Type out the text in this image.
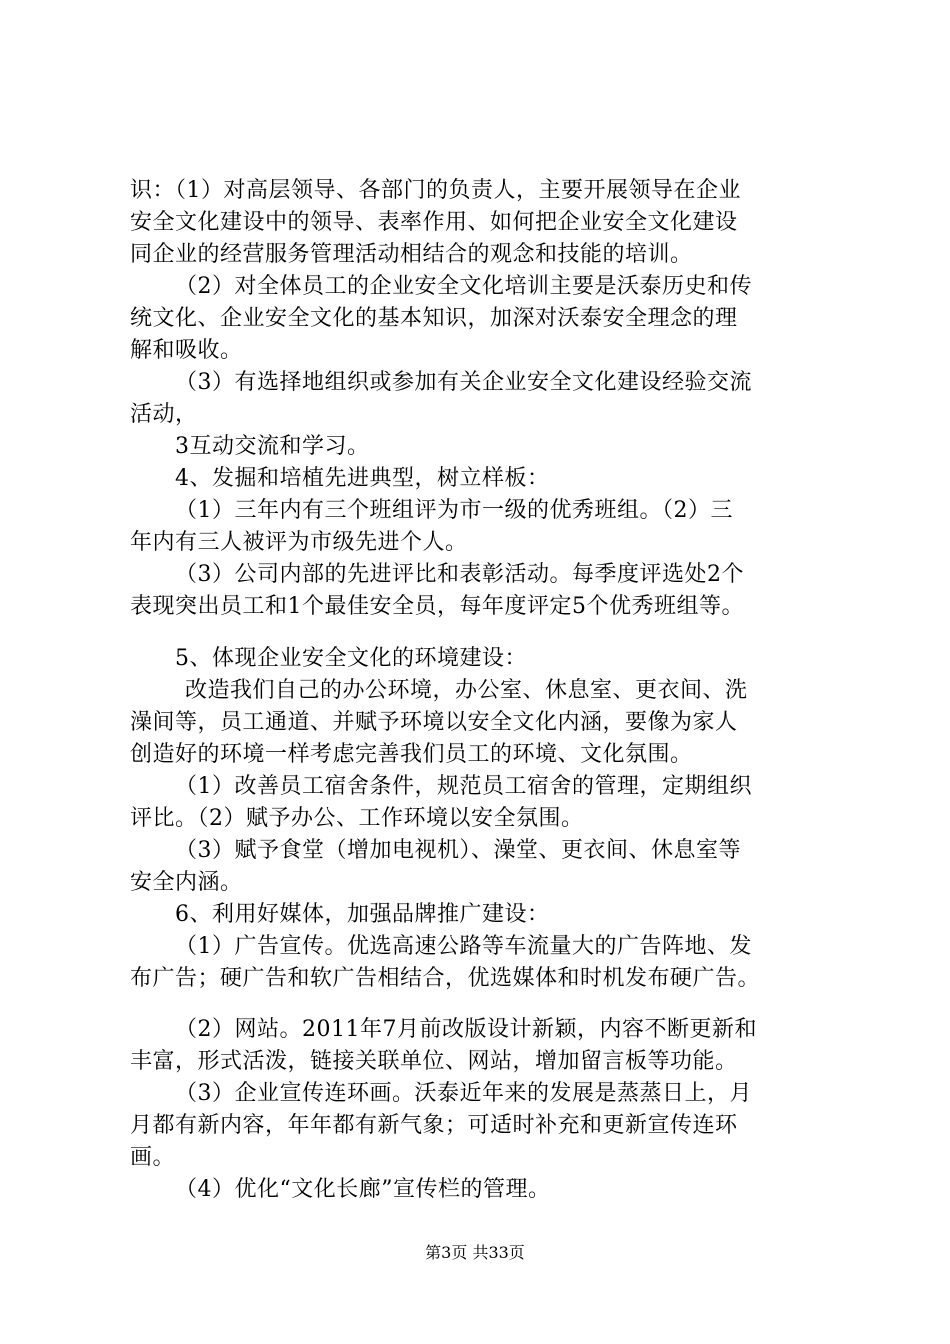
识：（1）对高层领导、各部门的负责人，主要开展领导在企业
安全文化建设中的领导、表率作用、如何把企业安全文化建设
同企业的经营服务管理活动相结合的观念和技能的培训。
（2）对全体员工的企业安全文化培训主要是沃泰历史和传
统文化、企业安全文化的基本知识，加深对沃泰安全理念的理
解和吸收。
（3）有选择地组织或参加有关企业安全文化建设经验交流
活动，
3互动交流和学习。
4、发掘和培植先进典型，树立样板：
（1）三年内有三个班组评为市一级的优秀班组。（2）三
年内有三人被评为市级先进个人。
（3）公司内部的先进评比和表彰活动。每季度评选处2个
表现突出员工和1个最佳安全员，每年度评定5个优秀班组等。
5、体现企业安全文化的环境建设：
改造我们自己的办公环境，办公室、休息室、更衣间、洗
澡间等，员工通道、并赋予环境以安全文化内涵，要像为家人
创造好的环境一样考虑完善我们员工的环境、文化氛围。
（1）改善员工宿舍条件，规范员工宿舍的管理，定期组织
评比。（2）赋予办公、工作环境以安全氛围。
（3）赋予食堂（增加电视机）、澡堂、更衣间、休息室等
安全内涵。
6、利用好媒体，加强品牌推广建设：
（1）广告宣传。优选高速公路等车流量大的广告阵地、发
布广告；硬广告和软广告相结合，优选媒体和时机发布硬广告。
（2）网站。2011年7月前改版设计新颖，内容不断更新和
丰富，形式活泼，链接关联单位、网站，增加留言板等功能。
（3）企业宣传连环画。沃泰近年来的发展是蒸蒸日上，月
月都有新内容，年年都有新气象；可适时补充和更新宣传连环
画。
（4）优化“文化长廊”宣传栏的管理。
第3页 共33页
